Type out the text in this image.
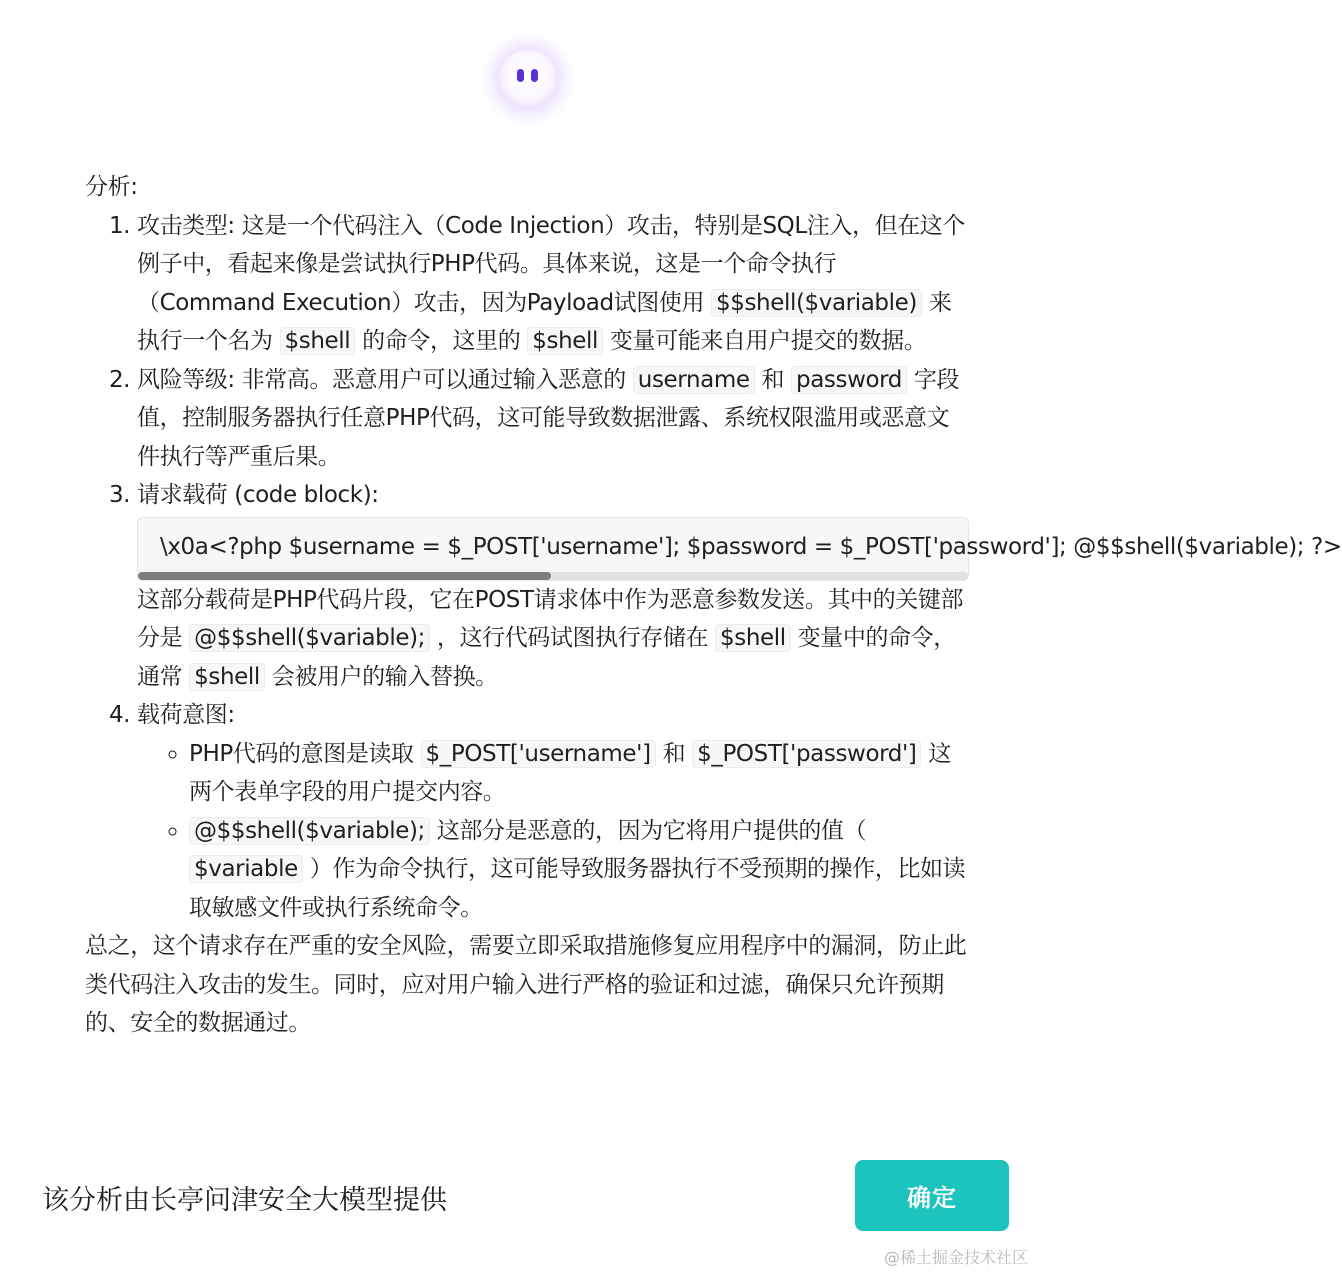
分析:

1. 攻击类型: 这是一个代码注入（Code Injection）攻击，特别是SQL注入，但在这个例子中，看起来像是尝试执行PHP代码。具体来说，这是一个命令执行（Command Execution）攻击，因为Payload试图使用 $$shell($variable) 来执行一个名为 $shell 的命令，这里的 $shell 变量可能来自用户提交的数据。
2. 风险等级: 非常高。恶意用户可以通过输入恶意的 username 和 password 字段值，控制服务器执行任意PHP代码，这可能导致数据泄露、系统权限滥用或恶意文件执行等严重后果。
3. 请求载荷 (code block):
\x0a<?php $username = $_POST['username']; $password = $_POST['password']; @$$shell($variable); ?>
这部分载荷是PHP代码片段，它在POST请求体中作为恶意参数发送。其中的关键部分是 @$$shell($variable); ，这行代码试图执行存储在 $shell 变量中的命令，通常 $shell 会被用户的输入替换。
4. 载荷意图:
◦ PHP代码的意图是读取 $_POST['username'] 和 $_POST['password'] 这两个表单字段的用户提交内容。
◦ @$$shell($variable); 这部分是恶意的，因为它将用户提供的值（ $variable ）作为命令执行，这可能导致服务器执行不受预期的操作，比如读取敏感文件或执行系统命令。

总之，这个请求存在严重的安全风险，需要立即采取措施修复应用程序中的漏洞，防止此类代码注入攻击的发生。同时，应对用户输入进行严格的验证和过滤，确保只允许预期的、安全的数据通过。

该分析由长亭问津安全大模型提供	确定
@稀土掘金技术社区
